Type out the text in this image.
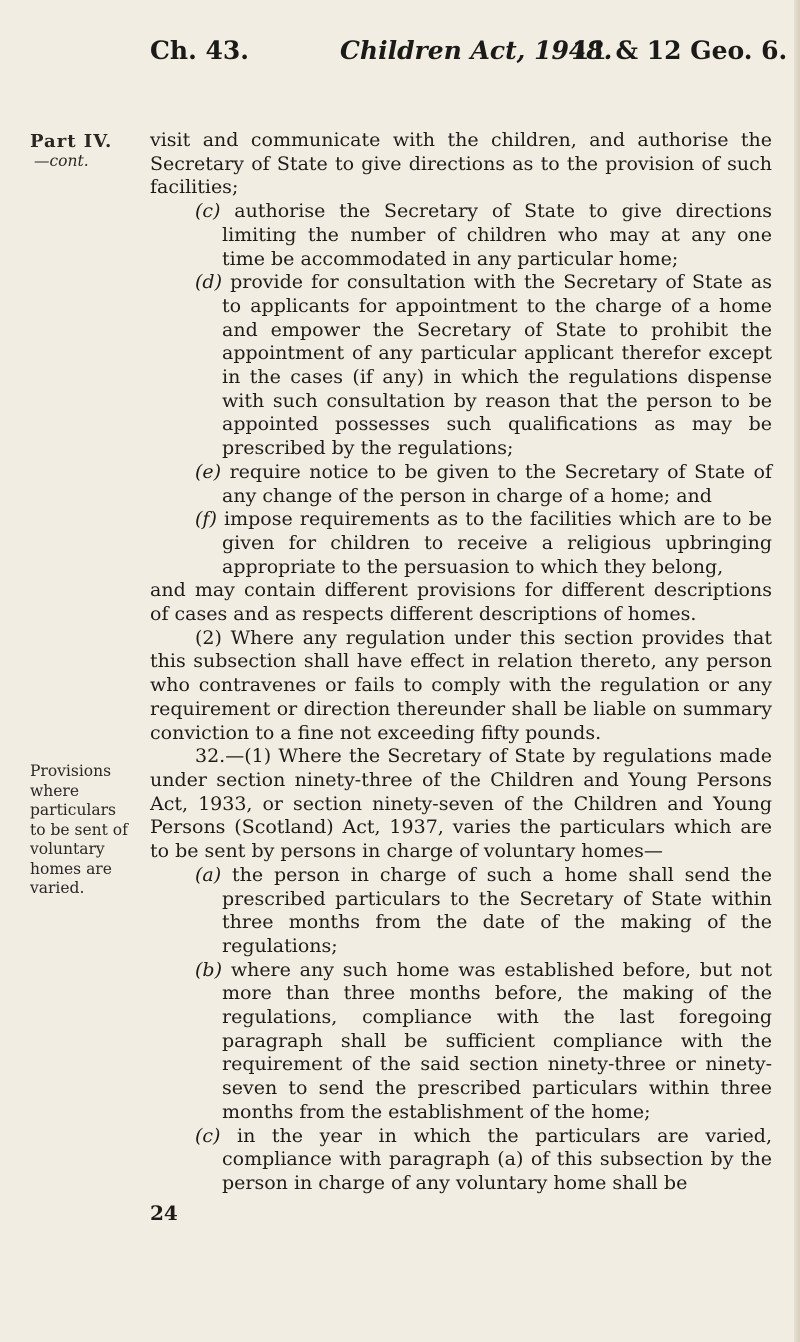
Ch. 43.	Children Act, 1948.
11 & 12 Geo. 6.
Part IV.
—cont.
Provisions where particulars to be sent of voluntary homes are varied.

visit and communicate with the children, and authorise the Secretary of State to give directions as to the provision of such facilities;

(c) authorise the Secretary of State to give directions limiting the number of children who may at any one time be accommodated in any particular home;

(d) provide for consultation with the Secretary of State as to applicants for appointment to the charge of a home and empower the Secretary of State to prohibit the appointment of any particular applicant therefor except in the cases (if any) in which the regulations dispense with such consultation by reason that the person to be appointed possesses such qualifications as may be prescribed by the regulations;

(e) require notice to be given to the Secretary of State of any change of the person in charge of a home; and

(f) impose requirements as to the facilities which are to be given for children to receive a religious upbringing appropriate to the persuasion to which they belong,

and may contain different provisions for different descriptions of cases and as respects different descriptions of homes.

(2) Where any regulation under this section provides that this subsection shall have effect in relation thereto, any person who contravenes or fails to comply with the regulation or any requirement or direction thereunder shall be liable on summary conviction to a fine not exceeding fifty pounds.

32.—(1) Where the Secretary of State by regulations made under section ninety-three of the Children and Young Persons Act, 1933, or section ninety-seven of the Children and Young Persons (Scotland) Act, 1937, varies the particulars which are to be sent by persons in charge of voluntary homes—

(a) the person in charge of such a home shall send the prescribed particulars to the Secretary of State within three months from the date of the making of the regulations;

(b) where any such home was established before, but not more than three months before, the making of the regulations, compliance with the last foregoing paragraph shall be sufficient compliance with the requirement of the said section ninety-three or ninety-seven to send the prescribed particulars within three months from the establishment of the home;

(c) in the year in which the particulars are varied, compliance with paragraph (a) of this subsection by the person in charge of any voluntary home shall be

24
